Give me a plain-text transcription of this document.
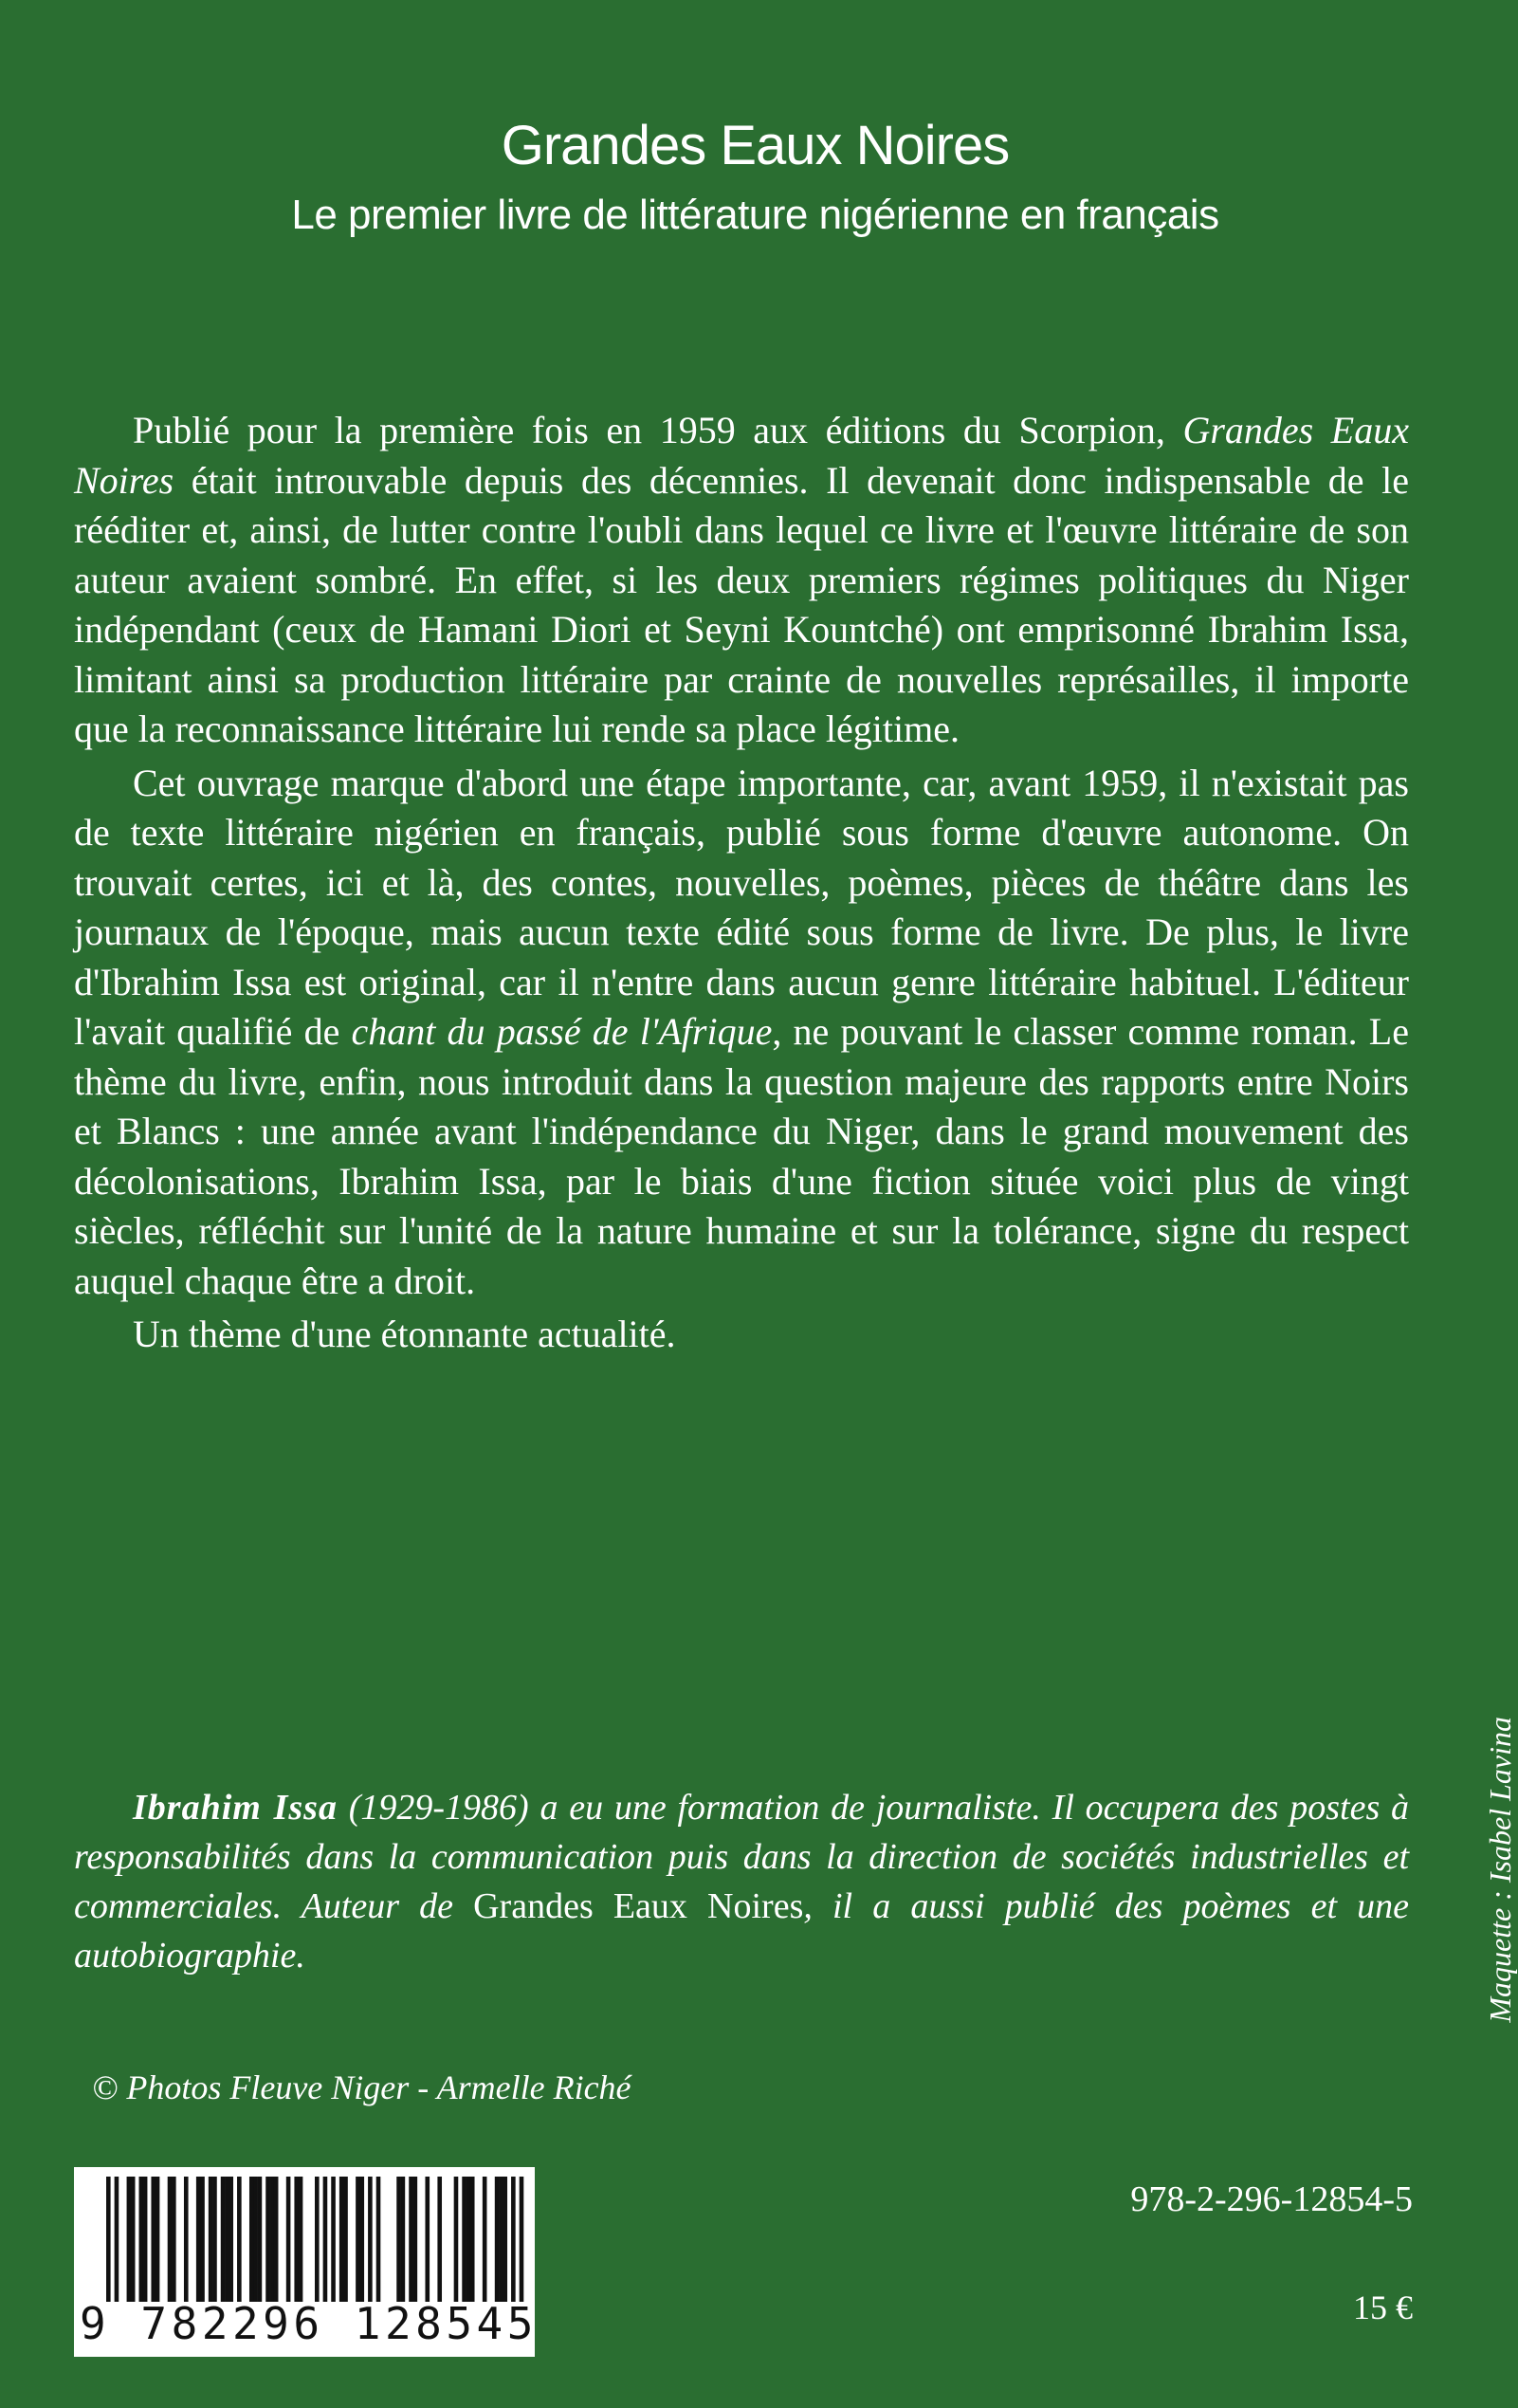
Grandes Eaux Noires
Le premier livre de littérature nigérienne en français

Publié pour la première fois en 1959 aux éditions du Scorpion, Grandes Eaux Noires était introuvable depuis des décennies. Il devenait donc indispensable de le rééditer et, ainsi, de lutter contre l'oubli dans lequel ce livre et l'œuvre littéraire de son auteur avaient sombré. En effet, si les deux premiers régimes politiques du Niger indépendant (ceux de Hamani Diori et Seyni Kountché) ont emprisonné Ibrahim Issa, limitant ainsi sa production littéraire par crainte de nouvelles représailles, il importe que la reconnaissance littéraire lui rende sa place légitime.

Cet ouvrage marque d'abord une étape importante, car, avant 1959, il n'existait pas de texte littéraire nigérien en français, publié sous forme d'œuvre autonome. On trouvait certes, ici et là, des contes, nouvelles, poèmes, pièces de théâtre dans les journaux de l'époque, mais aucun texte édité sous forme de livre. De plus, le livre d'Ibrahim Issa est original, car il n'entre dans aucun genre littéraire habituel. L'éditeur l'avait qualifié de chant du passé de l'Afrique, ne pouvant le classer comme roman. Le thème du livre, enfin, nous introduit dans la question majeure des rapports entre Noirs et Blancs : une année avant l'indépendance du Niger, dans le grand mouvement des décolonisations, Ibrahim Issa, par le biais d'une fiction située voici plus de vingt siècles, réfléchit sur l'unité de la nature humaine et sur la tolérance, signe du respect auquel chaque être a droit.

Un thème d'une étonnante actualité.

Ibrahim Issa (1929-1986) a eu une formation de journaliste. Il occupera des postes à responsabilités dans la communication puis dans la direction de sociétés industrielles et commerciales. Auteur de Grandes Eaux Noires, il a aussi publié des poèmes et une autobiographie.

© Photos Fleuve Niger - Armelle Riché

Maquette : Isabel Lavina

9 782296 128545

978-2-296-12854-5

15 €
